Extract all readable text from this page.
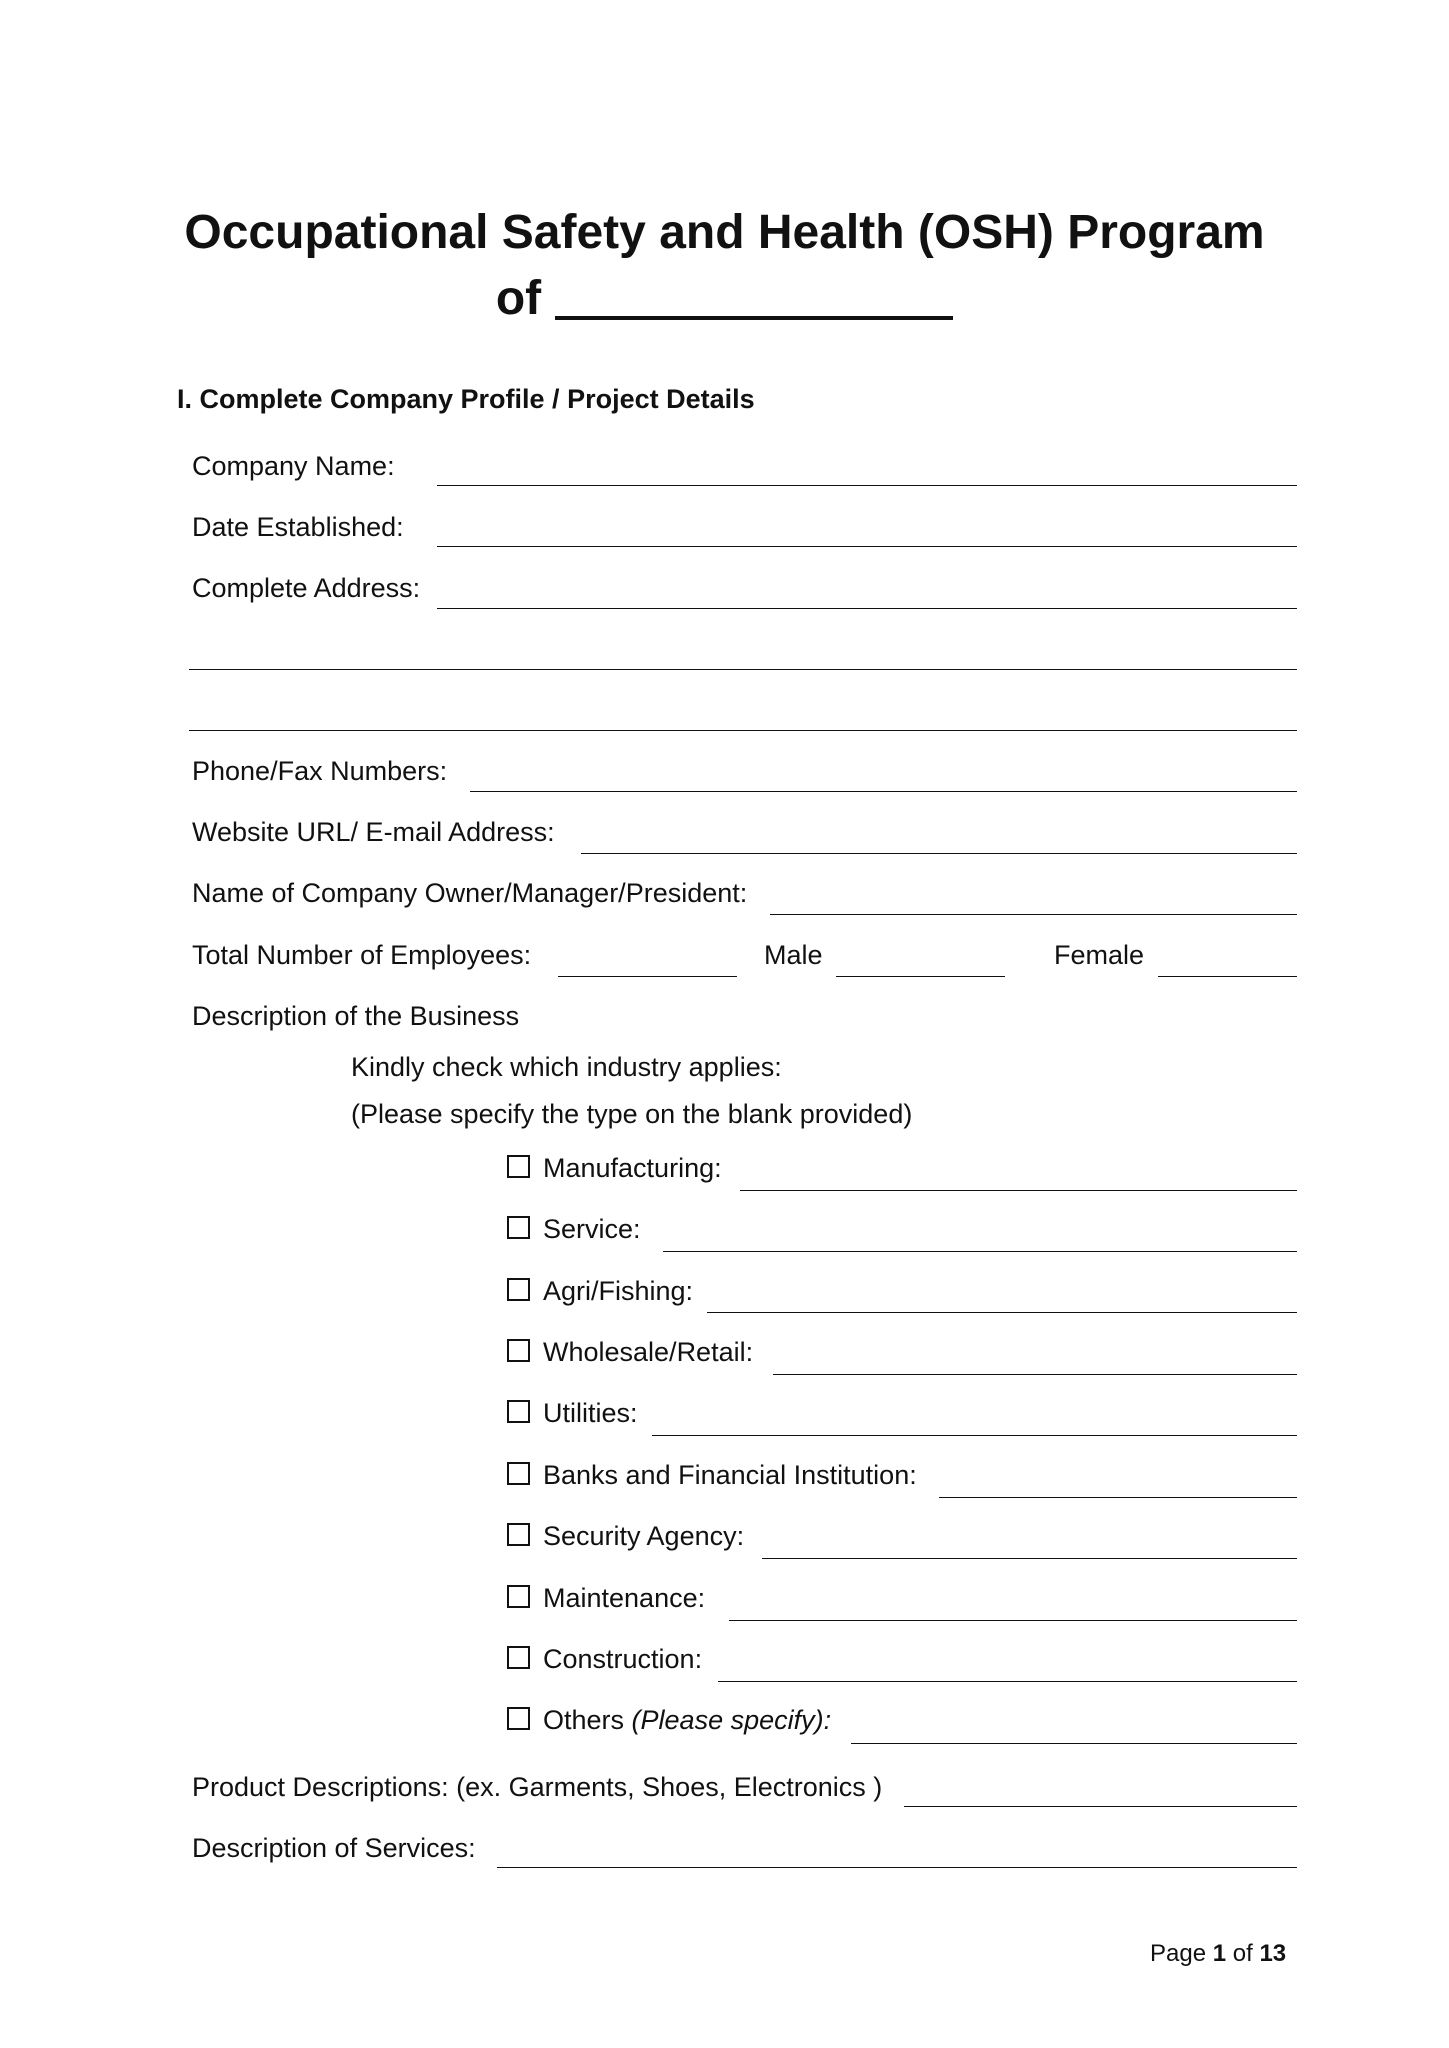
Occupational Safety and Health (OSH) Program
of
I. Complete Company Profile / Project Details
Company Name:
Date Established:
Complete Address:
Phone/Fax Numbers:
Website URL/ E-mail Address:
Name of Company Owner/Manager/President:
Total Number of Employees:	Male	Female
Description of the Business
Kindly check which industry applies:
(Please specify the type on the blank provided)
Manufacturing:
Service:
Agri/Fishing:
Wholesale/Retail:
Utilities:
Banks and Financial Institution:
Security Agency:
Maintenance:
Construction:
Others (Please specify):
Product Descriptions: (ex. Garments, Shoes, Electronics )
Description of Services:
Page 1 of 13
